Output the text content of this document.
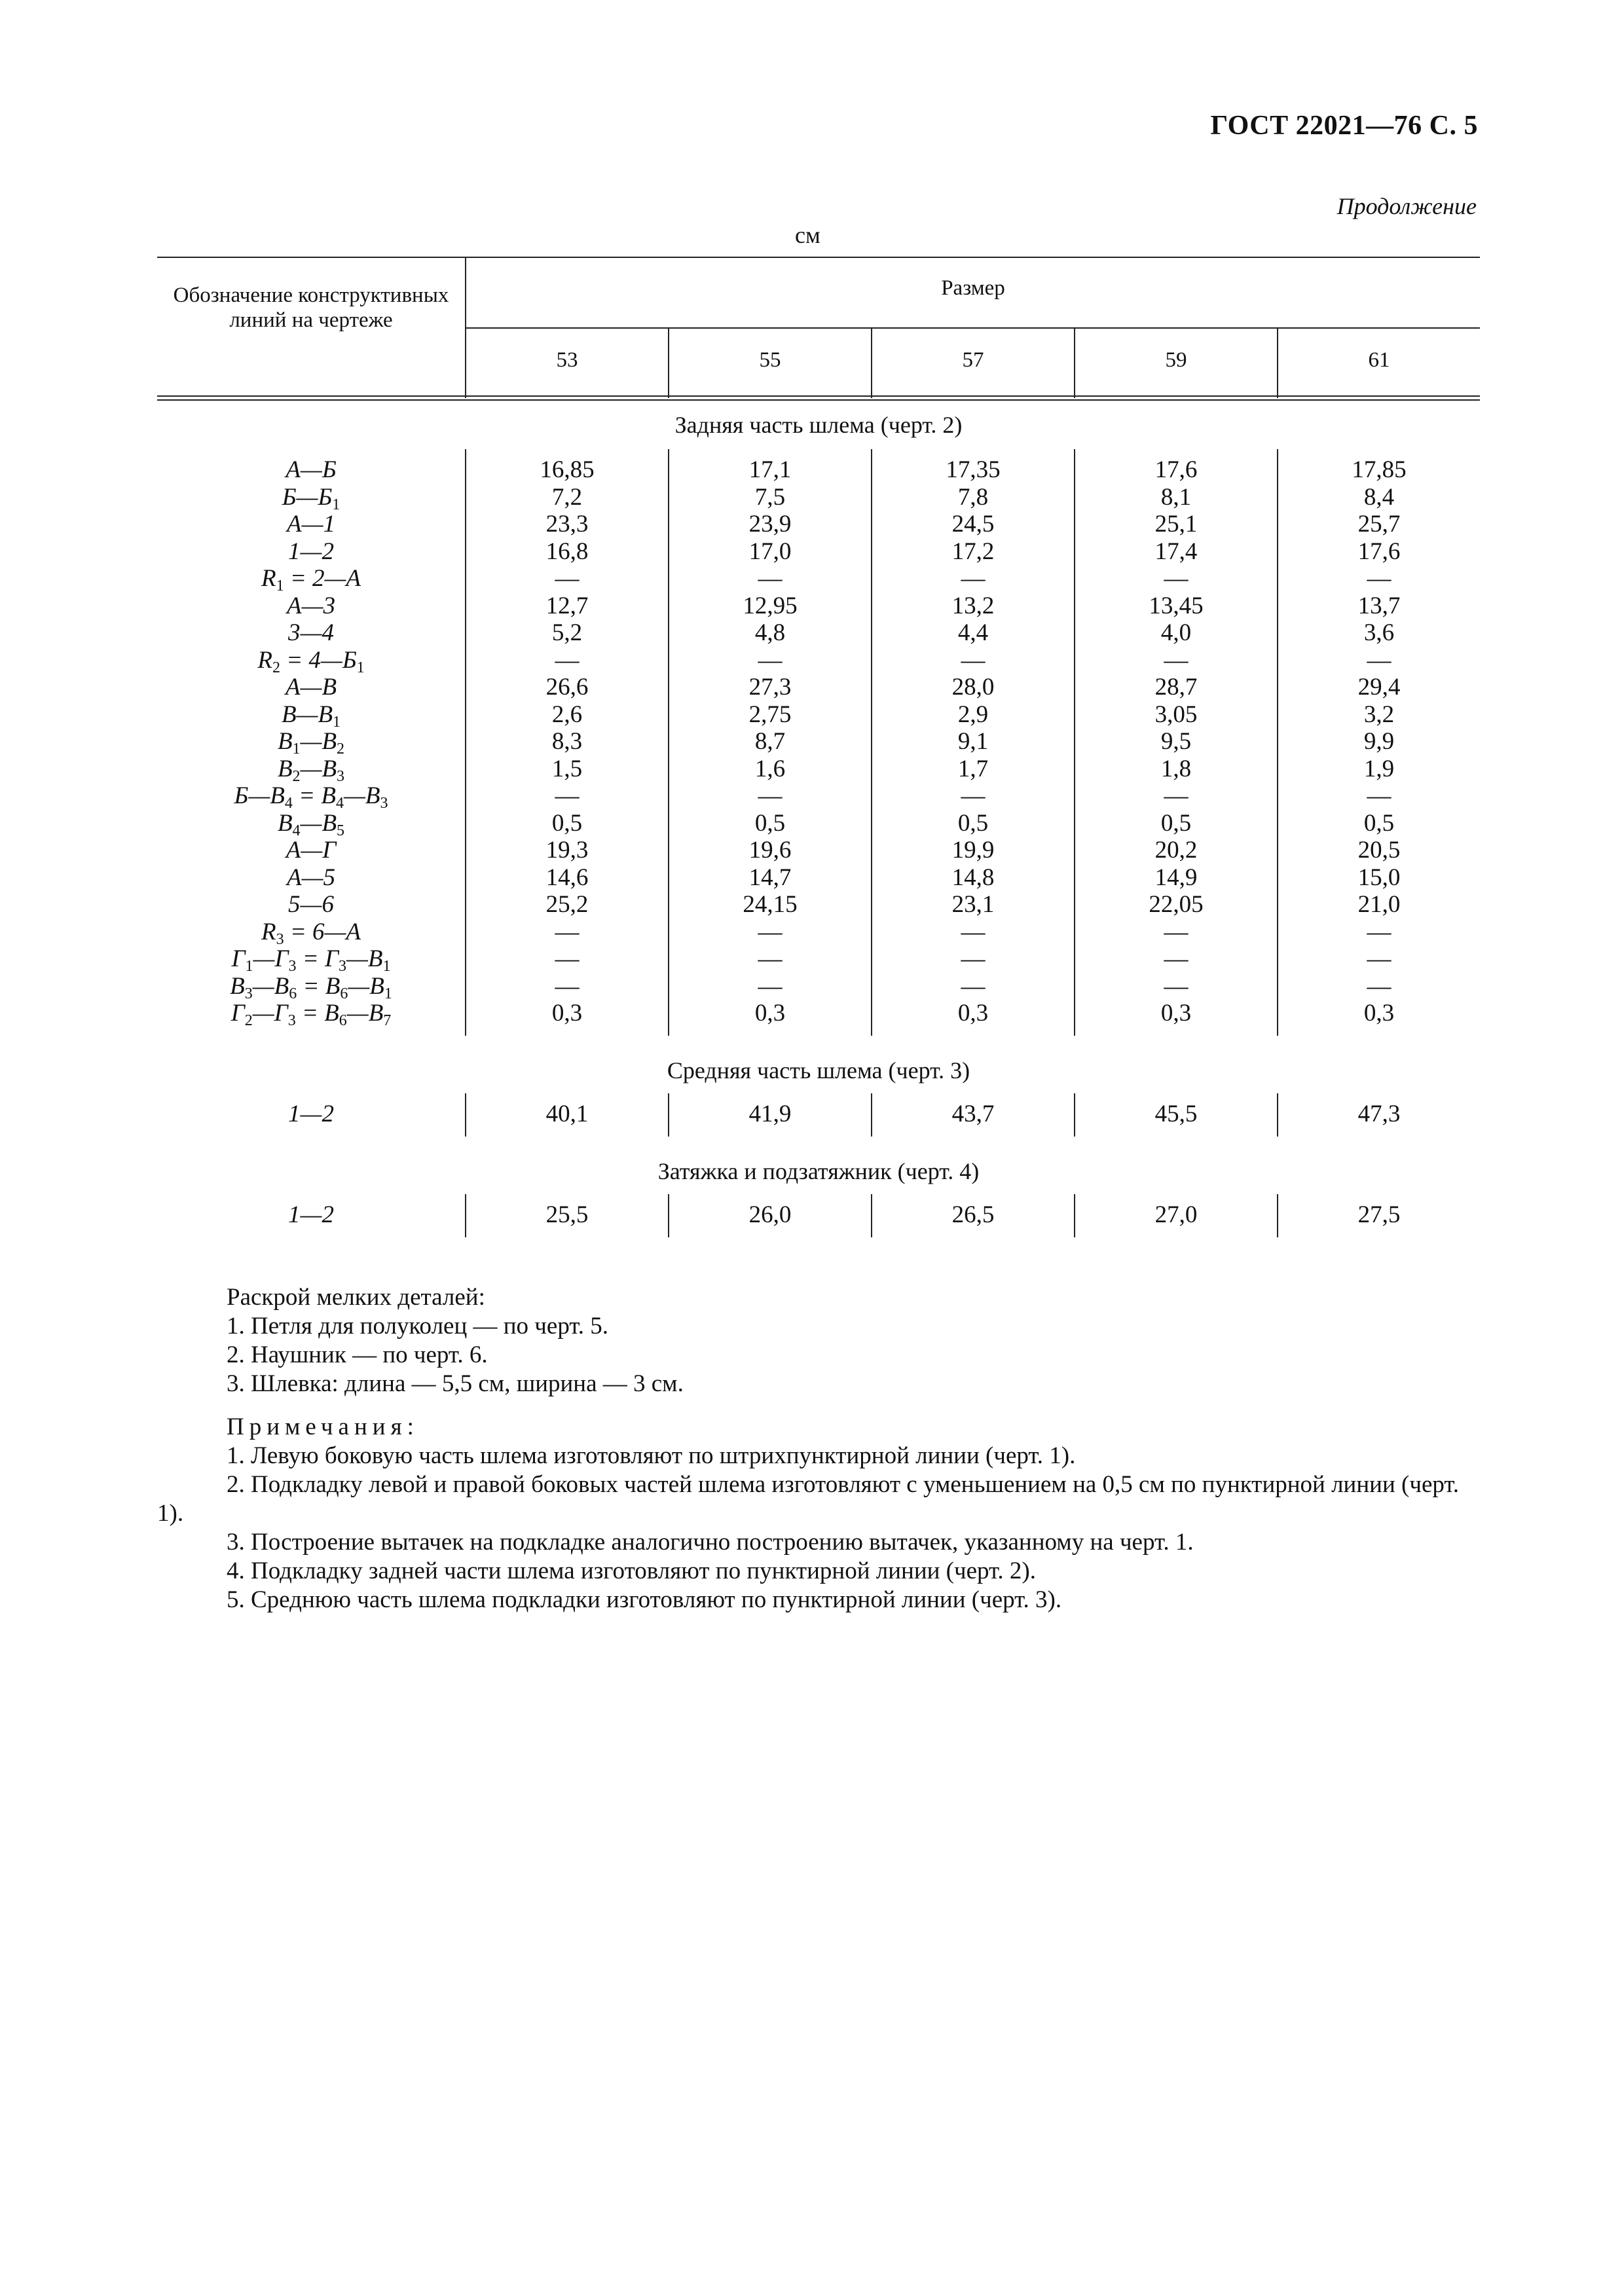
ГОСТ 22021—76 С. 5
Продолжение
см
Обозначение конструктивных линий на чертеже
Размер
53	55	57	59	61
Задняя часть шлема (черт. 2)
А—Б	16,85	17,1	17,35	17,6	17,85
$Б—Б_1$	7,2	7,5	7,8	8,1	8,4
А—1	23,3	23,9	24,5	25,1	25,7
1—2	16,8	17,0	17,2	17,4	17,6
$R_1$ = 2—А	—	—	—	—	—
А—3	12,7	12,95	13,2	13,45	13,7
3—4	5,2	4,8	4,4	4,0	3,6
$R_2$ = $4—Б_1$	—	—	—	—	—
А—В	26,6	27,3	28,0	28,7	29,4
$В—В_1$	2,6	2,75	2,9	3,05	3,2
$В_1—В_2$	8,3	8,7	9,1	9,5	9,9
$В_2—В_3$	1,5	1,6	1,7	1,8	1,9
$Б—В_4$ = $В_4—В_3$	—	—	—	—	—
$В_4—В_5$	0,5	0,5	0,5	0,5	0,5
А—Г	19,3	19,6	19,9	20,2	20,5
А—5	14,6	14,7	14,8	14,9	15,0
5—6	25,2	24,15	23,1	22,05	21,0
$R_3$ = 6—А	—	—	—	—	—
$Г_1—Г_3$ = $Г_3—В_1$	—	—	—	—	—
$В_3—В_6$ = $В_6—В_1$	—	—	—	—	—
$Г_2—Г_3$ = $В_6—В_7$	0,3	0,3	0,3	0,3	0,3
Средняя часть шлема (черт. 3)
1—2	40,1	41,9	43,7	45,5	47,3
Затяжка и подзатяжник (черт. 4)
1—2	25,5	26,0	26,5	27,0	27,5
Раскрой мелких деталей:
1. Петля для полуколец — по черт. 5.
2. Наушник — по черт. 6.
3. Шлевка: длина — 5,5 см, ширина — 3 см.
Примечания:
1. Левую боковую часть шлема изготовляют по штрихпунктирной линии (черт. 1).
2. Подкладку левой и правой боковых частей шлема изготовляют с уменьшением на 0,5 см по пунктирной линии (черт. 1).
3. Построение вытачек на подкладке аналогично построению вытачек, указанному на черт. 1.
4. Подкладку задней части шлема изготовляют по пунктирной линии (черт. 2).
5. Среднюю часть шлема подкладки изготовляют по пунктирной линии (черт. 3).
